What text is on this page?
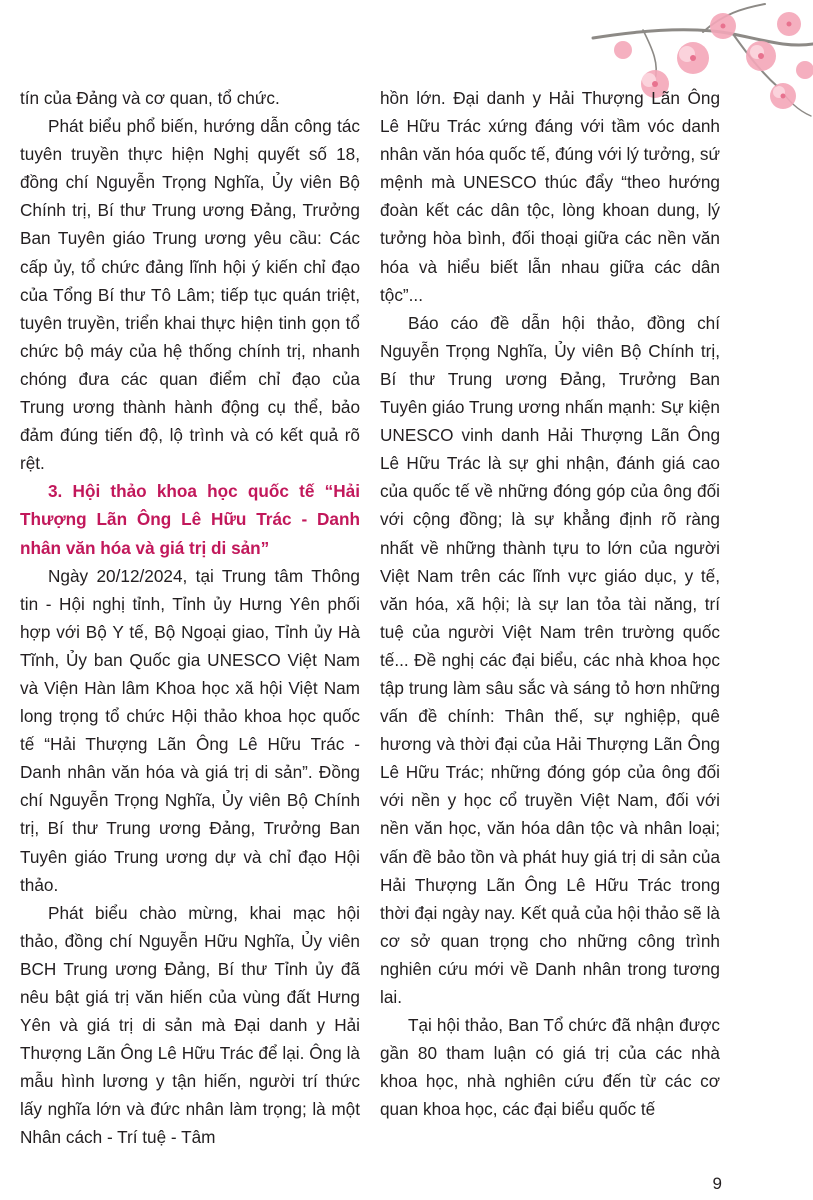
tín của Đảng và cơ quan, tổ chức.

Phát biểu phổ biến, hướng dẫn công tác tuyên truyền thực hiện Nghị quyết số 18, đồng chí Nguyễn Trọng Nghĩa, Ủy viên Bộ Chính trị, Bí thư Trung ương Đảng, Trưởng Ban Tuyên giáo Trung ương yêu cầu: Các cấp ủy, tổ chức đảng lĩnh hội ý kiến chỉ đạo của Tổng Bí thư Tô Lâm; tiếp tục quán triệt, tuyên truyền, triển khai thực hiện tinh gọn tổ chức bộ máy của hệ thống chính trị, nhanh chóng đưa các quan điểm chỉ đạo của Trung ương thành hành động cụ thể, bảo đảm đúng tiến độ, lộ trình và có kết quả rõ rệt.

3. Hội thảo khoa học quốc tế “Hải Thượng Lãn Ông Lê Hữu Trác - Danh nhân văn hóa và giá trị di sản”

Ngày 20/12/2024, tại Trung tâm Thông tin - Hội nghị tỉnh, Tỉnh ủy Hưng Yên phối hợp với Bộ Y tế, Bộ Ngoại giao, Tỉnh ủy Hà Tĩnh, Ủy ban Quốc gia UNESCO Việt Nam và Viện Hàn lâm Khoa học xã hội Việt Nam long trọng tổ chức Hội thảo khoa học quốc tế “Hải Thượng Lãn Ông Lê Hữu Trác - Danh nhân văn hóa và giá trị di sản”. Đồng chí Nguyễn Trọng Nghĩa, Ủy viên Bộ Chính trị, Bí thư Trung ương Đảng, Trưởng Ban Tuyên giáo Trung ương dự và chỉ đạo Hội thảo.

Phát biểu chào mừng, khai mạc hội thảo, đồng chí Nguyễn Hữu Nghĩa, Ủy viên BCH Trung ương Đảng, Bí thư Tỉnh ủy đã nêu bật giá trị văn hiến của vùng đất Hưng Yên và giá trị di sản mà Đại danh y Hải Thượng Lãn Ông Lê Hữu Trác để lại. Ông là mẫu hình lương y tận hiến, người trí thức lấy nghĩa lớn và đức nhân làm trọng; là một Nhân cách - Trí tuệ - Tâm

hồn lớn. Đại danh y Hải Thượng Lãn Ông Lê Hữu Trác xứng đáng với tầm vóc danh nhân văn hóa quốc tế, đúng với lý tưởng, sứ mệnh mà UNESCO thúc đẩy “theo hướng đoàn kết các dân tộc, lòng khoan dung, lý tưởng hòa bình, đối thoại giữa các nền văn hóa và hiểu biết lẫn nhau giữa các dân tộc”...

Báo cáo đề dẫn hội thảo, đồng chí Nguyễn Trọng Nghĩa, Ủy viên Bộ Chính trị, Bí thư Trung ương Đảng, Trưởng Ban Tuyên giáo Trung ương nhấn mạnh: Sự kiện UNESCO vinh danh Hải Thượng Lãn Ông Lê Hữu Trác là sự ghi nhận, đánh giá cao của quốc tế về những đóng góp của ông đối với cộng đồng; là sự khẳng định rõ ràng nhất về những thành tựu to lớn của người Việt Nam trên các lĩnh vực giáo dục, y tế, văn hóa, xã hội; là sự lan tỏa tài năng, trí tuệ của người Việt Nam trên trường quốc tế... Đề nghị các đại biểu, các nhà khoa học tập trung làm sâu sắc và sáng tỏ hơn những vấn đề chính: Thân thế, sự nghiệp, quê hương và thời đại của Hải Thượng Lãn Ông Lê Hữu Trác; những đóng góp của ông đối với nền y học cổ truyền Việt Nam, đối với nền văn học, văn hóa dân tộc và nhân loại; vấn đề bảo tồn và phát huy giá trị di sản của Hải Thượng Lãn Ông Lê Hữu Trác trong thời đại ngày nay. Kết quả của hội thảo sẽ là cơ sở quan trọng cho những công trình nghiên cứu mới về Danh nhân trong tương lai.

Tại hội thảo, Ban Tổ chức đã nhận được gần 80 tham luận có giá trị của các nhà khoa học, nhà nghiên cứu đến từ các cơ quan khoa học, các đại biểu quốc tế

9
